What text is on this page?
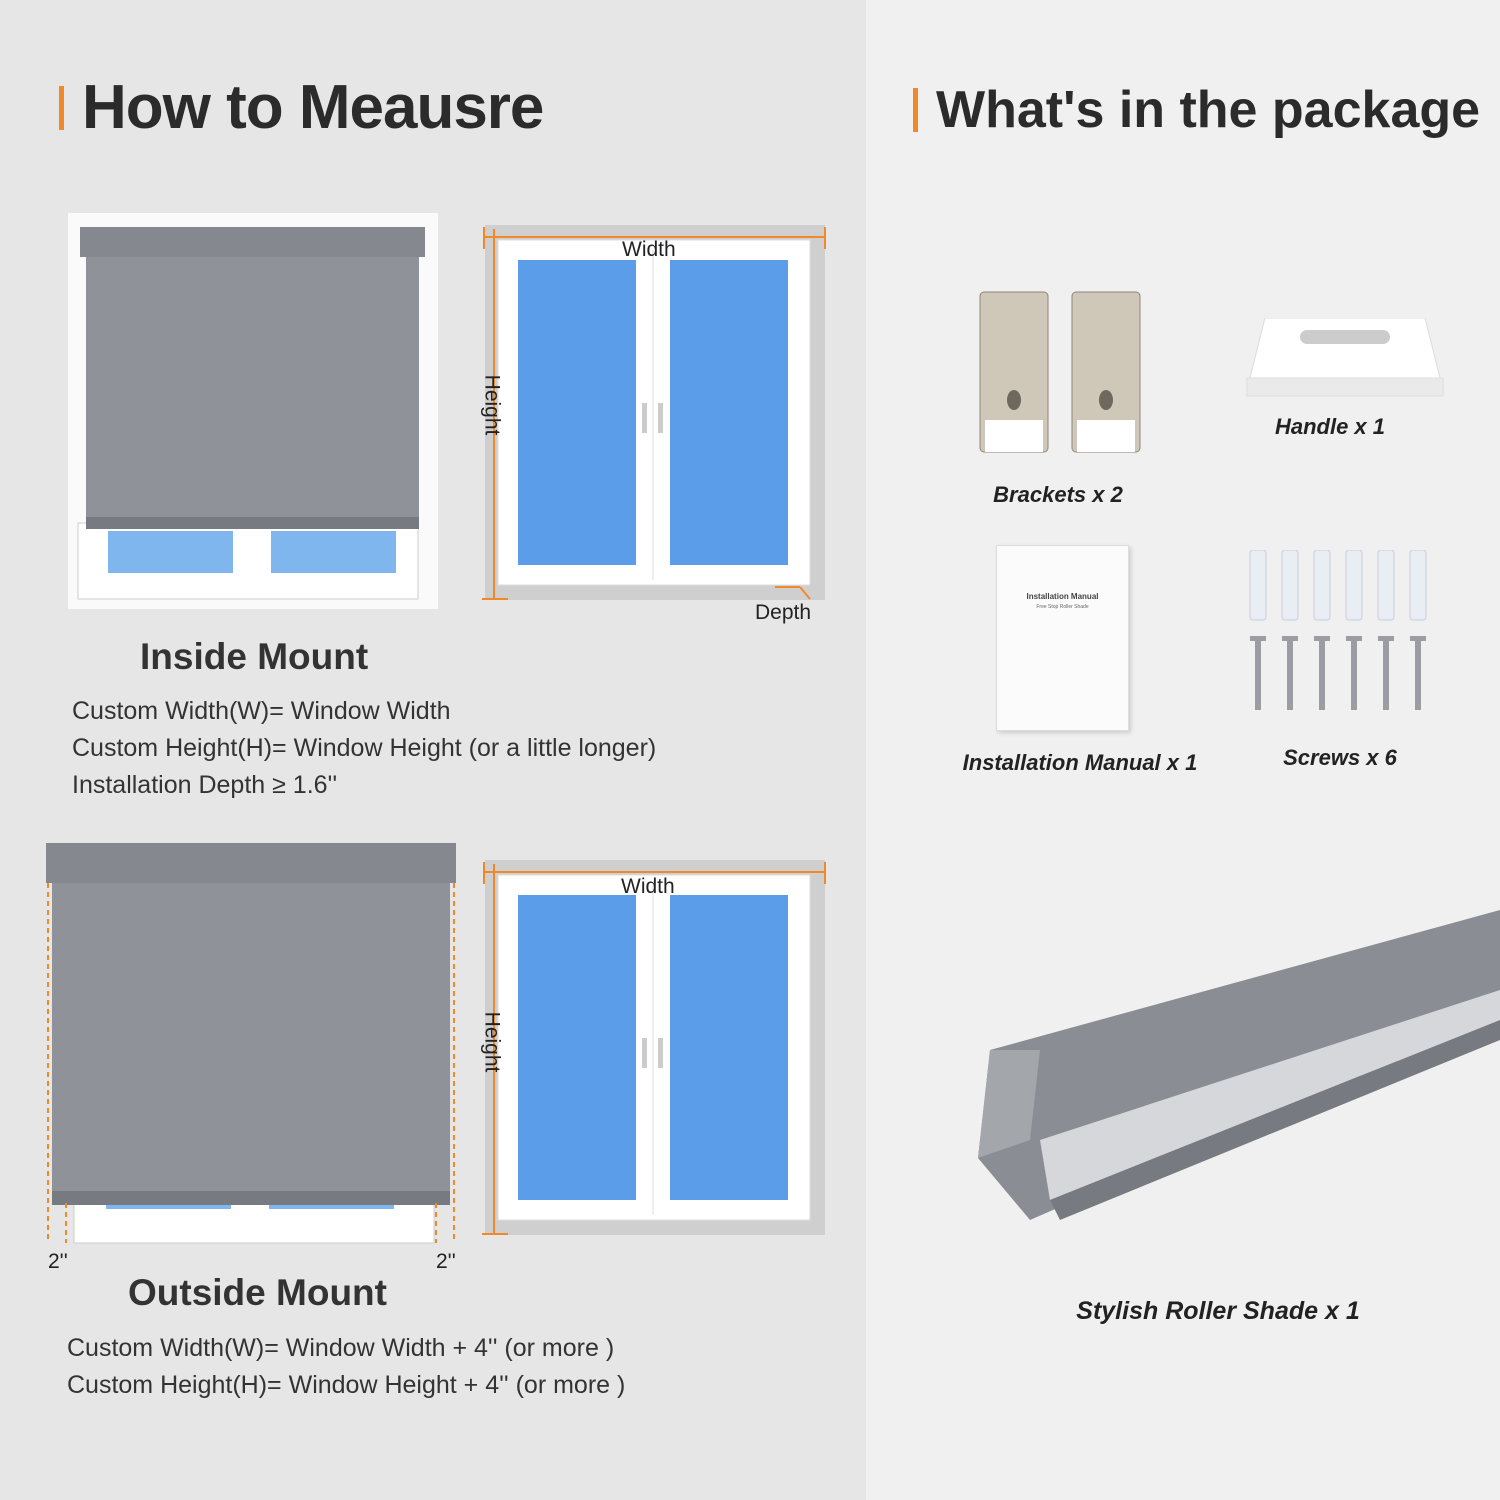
How to Meausre
Width
Height
Depth
Inside Mount
Custom Width(W)= Window Width
Custom Height(H)= Window Height (or a little longer)
Installation Depth ≥ 1.6''
2''	2''
Width
Height
Outside Mount
Custom Width(W)= Window Width + 4'' (or more )
Custom Height(H)= Window Height + 4'' (or more )
What's in the package
Brackets x 2
Handle x 1
Installation Manual
Free Stop Roller Shade
Installation Manual x 1	Screws x 6
Stylish Roller Shade x 1
